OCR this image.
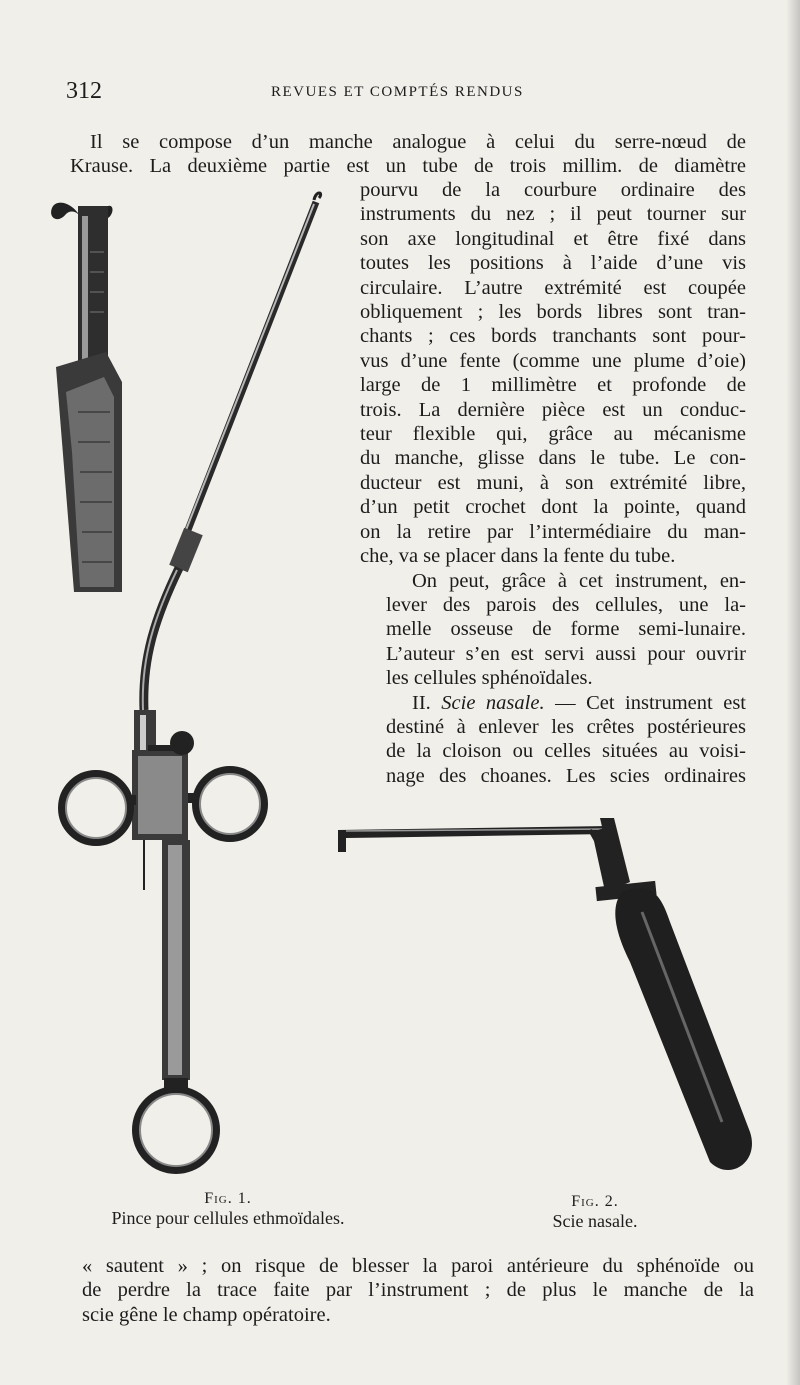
312	REVUES ET COMPTÉS RENDUS
Il se compose d’un manche analogue à celui du serre-nœud de
Krause. La deuxième partie est un tube de trois millim. de diamètre
pourvu de la courbure ordinaire des
instruments du nez ; il peut tourner sur
son axe longitudinal et être fixé dans
toutes les positions à l’aide d’une vis
circulaire. L’autre extrémité est coupée
obliquement ; les bords libres sont tran-
chants ; ces bords tranchants sont pour-
vus d’une fente (comme une plume d’oie)
large de 1 millimètre et profonde de
trois. La dernière pièce est un conduc-
teur flexible qui, grâce au mécanisme
du manche, glisse dans le tube. Le con-
ducteur est muni, à son extrémité libre,
d’un petit crochet dont la pointe, quand
on la retire par l’intermédiaire du man-
che, va se placer dans la fente du tube.
On peut, grâce à cet instrument, en-
lever des parois des cellules, une la-
melle osseuse de forme semi-lunaire.
L’auteur s’en est servi aussi pour ouvrir
les cellules sphénoïdales.
II. Scie nasale. — Cet instrument est
destiné à enlever les crêtes postérieures
de la cloison ou celles situées au voisi-
nage des choanes. Les scies ordinaires
Fig. 1.
Pince pour cellules ethmoïdales.
Fig. 2.
Scie nasale.
« sautent » ; on risque de blesser la paroi antérieure du sphénoïde ou
de perdre la trace faite par l’instrument ; de plus le manche de la
scie gêne le champ opératoire.
